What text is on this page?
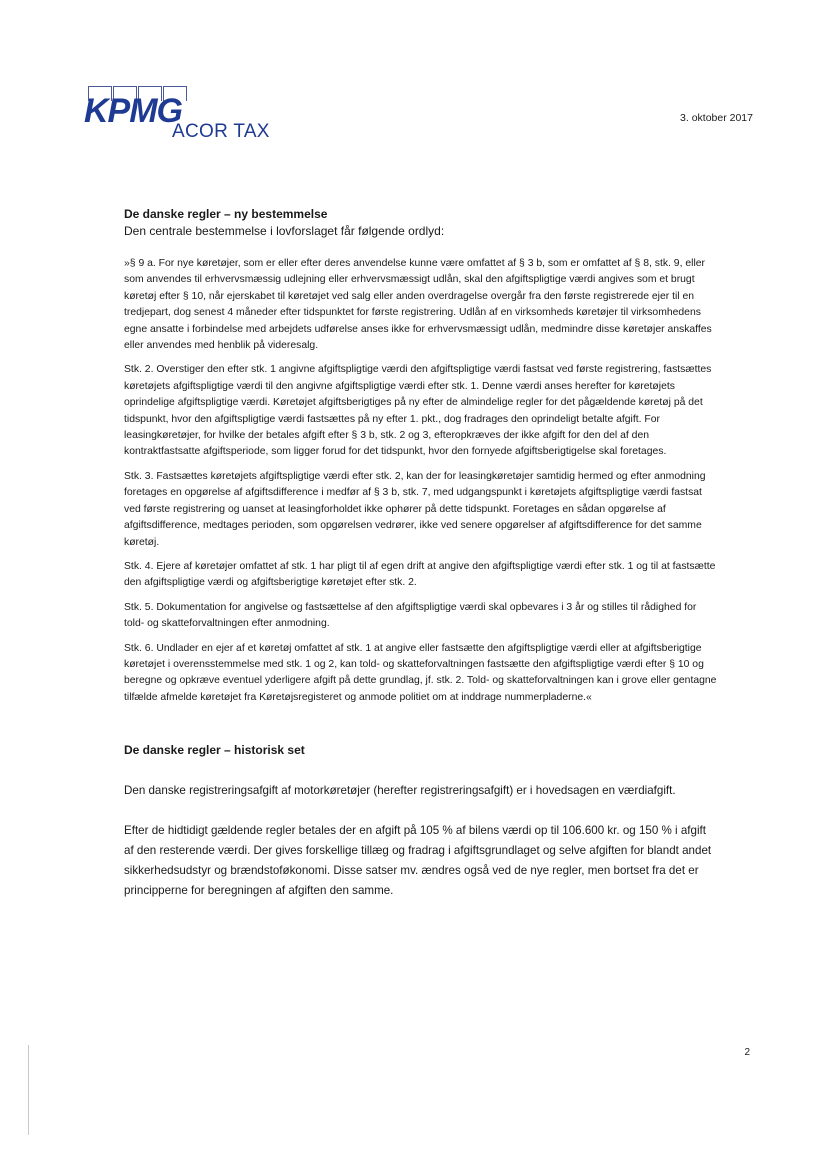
KPMG
ACOR TAX
3. oktober 2017
De danske regler – ny bestemmelse

Den centrale bestemmelse i lovforslaget får følgende ordlyd:

»§ 9 a. For nye køretøjer, som er eller efter deres anvendelse kunne være omfattet af § 3 b, som er omfattet af § 8, stk. 9, eller som anvendes til erhvervsmæssig udlejning eller erhvervsmæssigt udlån, skal den afgiftspligtige værdi angives som et brugt køretøj efter § 10, når ejerskabet til køretøjet ved salg eller anden overdragelse overgår fra den første registrerede ejer til en tredjepart, dog senest 4 måneder efter tidspunktet for første registrering. Udlån af en virksomheds køretøjer til virksomhedens egne ansatte i forbindelse med arbejdets udførelse anses ikke for erhvervsmæssigt udlån, medmindre disse køretøjer anskaffes eller anvendes med henblik på videresalg.

Stk. 2. Overstiger den efter stk. 1 angivne afgiftspligtige værdi den afgiftspligtige værdi fastsat ved første registrering, fastsættes køretøjets afgiftspligtige værdi til den angivne afgiftspligtige værdi efter stk. 1. Denne værdi anses herefter for køretøjets oprindelige afgiftspligtige værdi. Køretøjet afgiftsberigtiges på ny efter de almindelige regler for det pågældende køretøj på det tidspunkt, hvor den afgiftspligtige værdi fastsættes på ny efter 1. pkt., dog fradrages den oprindeligt betalte afgift. For leasingkøretøjer, for hvilke der betales afgift efter § 3 b, stk. 2 og 3, efteropkræves der ikke afgift for den del af den kontraktfastsatte afgiftsperiode, som ligger forud for det tidspunkt, hvor den fornyede afgiftsberigtigelse skal foretages.

Stk. 3. Fastsættes køretøjets afgiftspligtige værdi efter stk. 2, kan der for leasingkøretøjer samtidig hermed og efter anmodning foretages en opgørelse af afgiftsdifference i medfør af § 3 b, stk. 7, med udgangspunkt i køretøjets afgiftspligtige værdi fastsat ved første registrering og uanset at leasingforholdet ikke ophører på dette tidspunkt. Foretages en sådan opgørelse af afgiftsdifference, medtages perioden, som opgørelsen vedrører, ikke ved senere opgørelser af afgiftsdifference for det samme køretøj.

Stk. 4. Ejere af køretøjer omfattet af stk. 1 har pligt til af egen drift at angive den afgiftspligtige værdi efter stk. 1 og til at fastsætte den afgiftspligtige værdi og afgiftsberigtige køretøjet efter stk. 2.

Stk. 5. Dokumentation for angivelse og fastsættelse af den afgiftspligtige værdi skal opbevares i 3 år og stilles til rådighed for told- og skatteforvaltningen efter anmodning.

Stk. 6. Undlader en ejer af et køretøj omfattet af stk. 1 at angive eller fastsætte den afgiftspligtige værdi eller at afgiftsberigtige køretøjet i overensstemmelse med stk. 1 og 2, kan told- og skatteforvaltningen fastsætte den afgiftspligtige værdi efter § 10 og beregne og opkræve eventuel yderligere afgift på dette grundlag, jf. stk. 2. Told- og skatteforvaltningen kan i grove eller gentagne tilfælde afmelde køretøjet fra Køretøjsregisteret og anmode politiet om at inddrage nummerpladerne.«

De danske regler – historisk set

Den danske registreringsafgift af motorkøretøjer (herefter registreringsafgift) er i hovedsagen en værdiafgift.

Efter de hidtidigt gældende regler betales der en afgift på 105 % af bilens værdi op til 106.600 kr. og 150 % i afgift af den resterende værdi. Der gives forskellige tillæg og fradrag i afgiftsgrundlaget og selve afgiften for blandt andet sikkerhedsudstyr og brændstoføkonomi. Disse satser mv. ændres også ved de nye regler, men bortset fra det er principperne for beregningen af afgiften den samme.

2
